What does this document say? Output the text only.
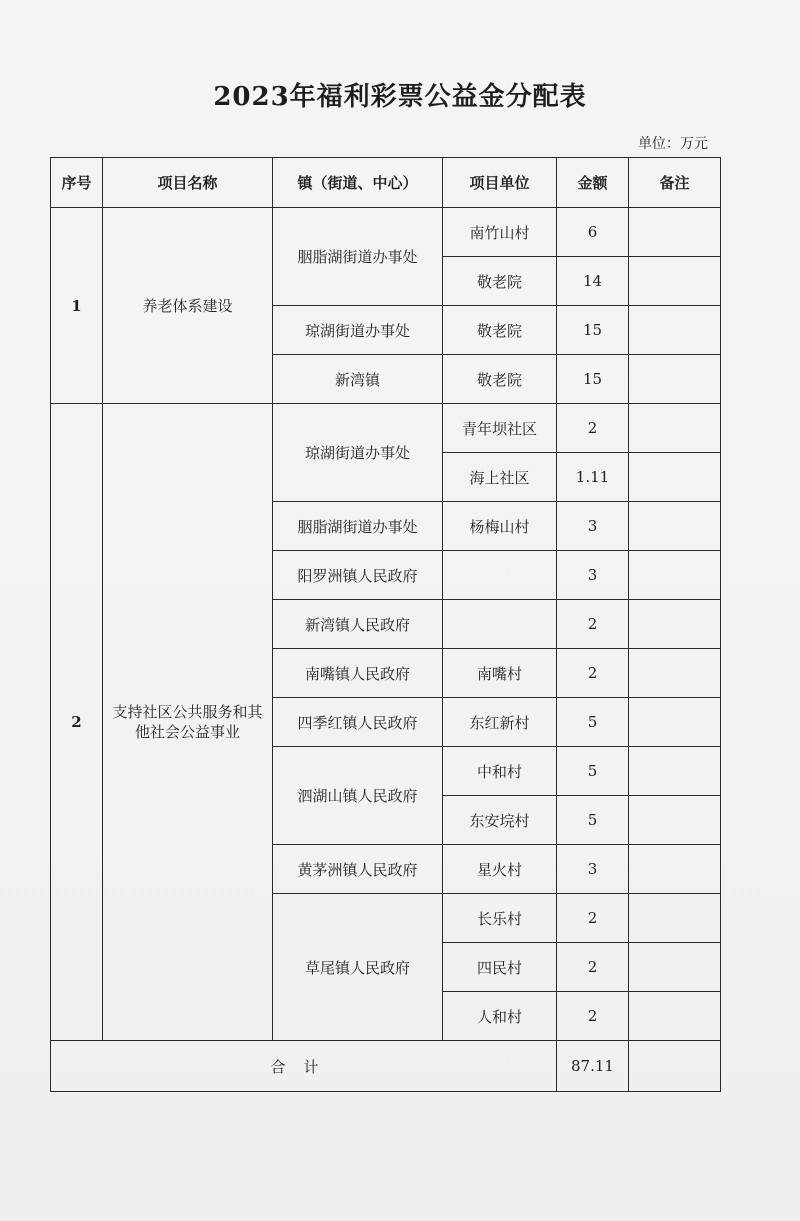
2023年福利彩票公益金分配表
单位：万元
序号	项目名称	镇（街道、中心）	项目单位	金额	备注
1	养老体系建设	胭脂湖街道办事处	南竹山村	6	
			敬老院	14	
		琼湖街道办事处	敬老院	15	
		新湾镇	敬老院	15	
2	支持社区公共服务和其他社会公益事业	琼湖街道办事处	青年坝社区	2	
			海上社区	1.11	
		胭脂湖街道办事处	杨梅山村	3	
		阳罗洲镇人民政府		3	
		新湾镇人民政府		2	
		南嘴镇人民政府	南嘴村	2	
		四季红镇人民政府	东红新村	5	
		泗湖山镇人民政府	中和村	5	
			东安垸村	5	
		黄茅洲镇人民政府	星火村	3	
		草尾镇人民政府	长乐村	2	
			四民村	2	
			人和村	2	
合计				87.11	
